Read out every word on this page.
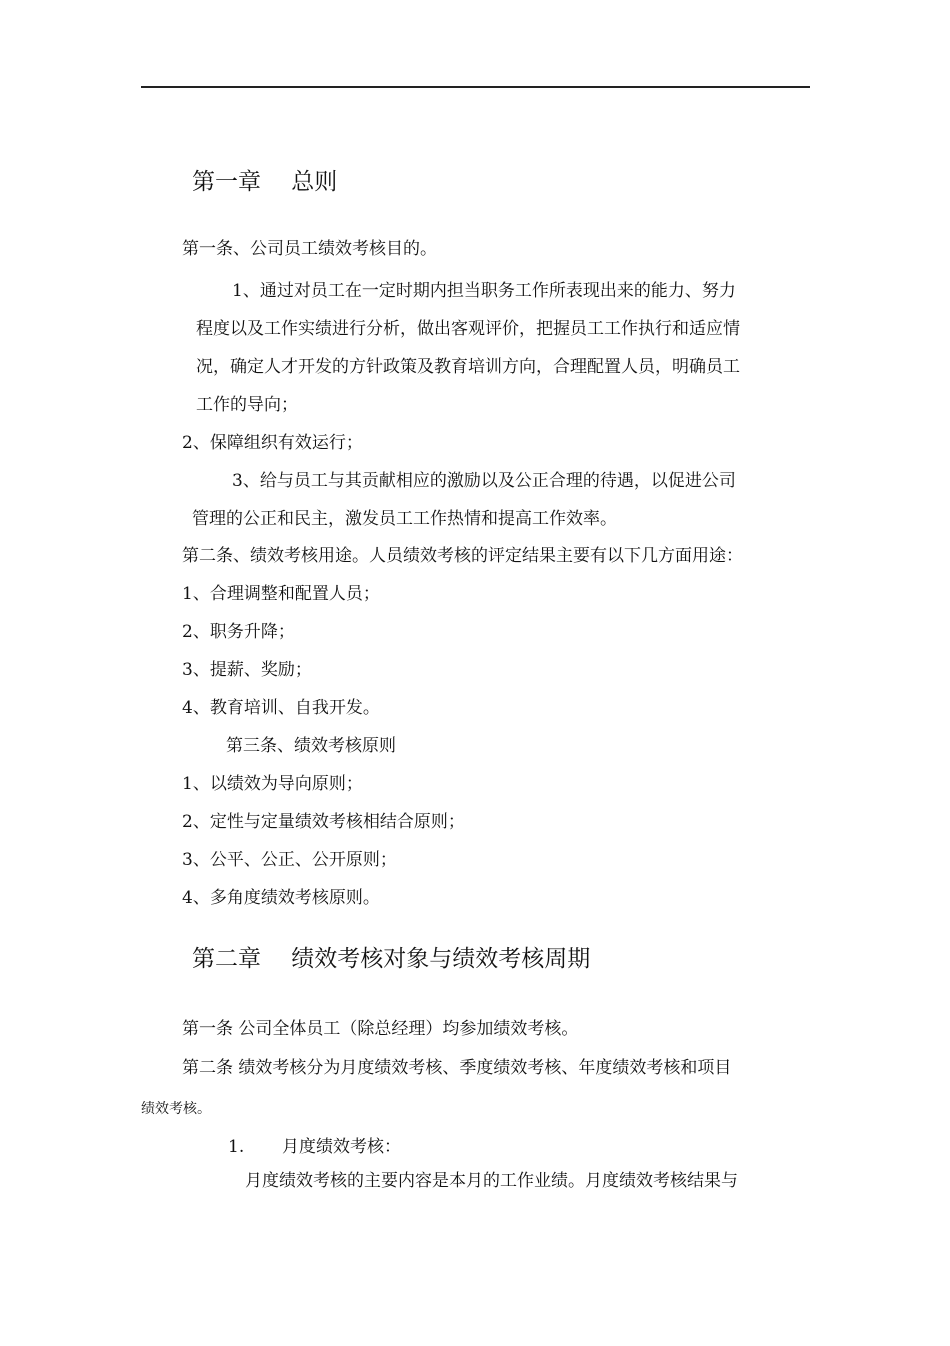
第一章　 总则
第一条、公司员工绩效考核目的。
1、通过对员工在一定时期内担当职务工作所表现出来的能力、努力
程度以及工作实绩进行分析，做出客观评价，把握员工工作执行和适应情
况，确定人才开发的方针政策及教育培训方向，合理配置人员，明确员工
工作的导向；
2、保障组织有效运行；
3、给与员工与其贡献相应的激励以及公正合理的待遇，以促进公司
管理的公正和民主，激发员工工作热情和提高工作效率。
第二条、绩效考核用途。人员绩效考核的评定结果主要有以下几方面用途：
1、合理调整和配置人员；
2、职务升降；
3、提薪、奖励；
4、教育培训、自我开发。
第三条、绩效考核原则
1、以绩效为导向原则；
2、定性与定量绩效考核相结合原则；
3、公平、公正、公开原则；
4、多角度绩效考核原则。
第二章　 绩效考核对象与绩效考核周期
第一条 公司全体员工（除总经理）均参加绩效考核。
第二条 绩效考核分为月度绩效考核、季度绩效考核、年度绩效考核和项目
绩效考核。
1. 月度绩效考核：
月度绩效考核的主要内容是本月的工作业绩。月度绩效考核结果与
